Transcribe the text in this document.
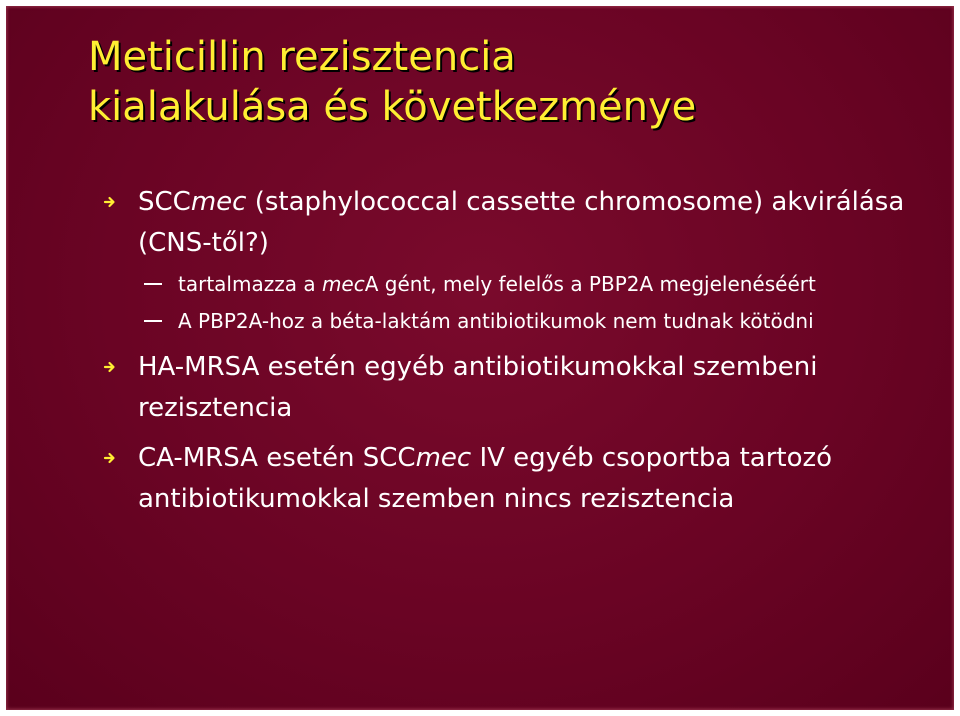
Meticillin rezisztencia
kialakulása és következménye
SCCmec (staphylococcal cassette chromosome) akvirálása (CNS-től?)
tartalmazza a mecA gént, mely felelős a PBP2A megjelenéséért
A PBP2A-hoz a béta-laktám antibiotikumok nem tudnak kötödni
HA-MRSA esetén egyéb antibiotikumokkal szembeni rezisztencia
CA-MRSA esetén SCCmec IV egyéb csoportba tartozó antibiotikumokkal szemben nincs rezisztencia
